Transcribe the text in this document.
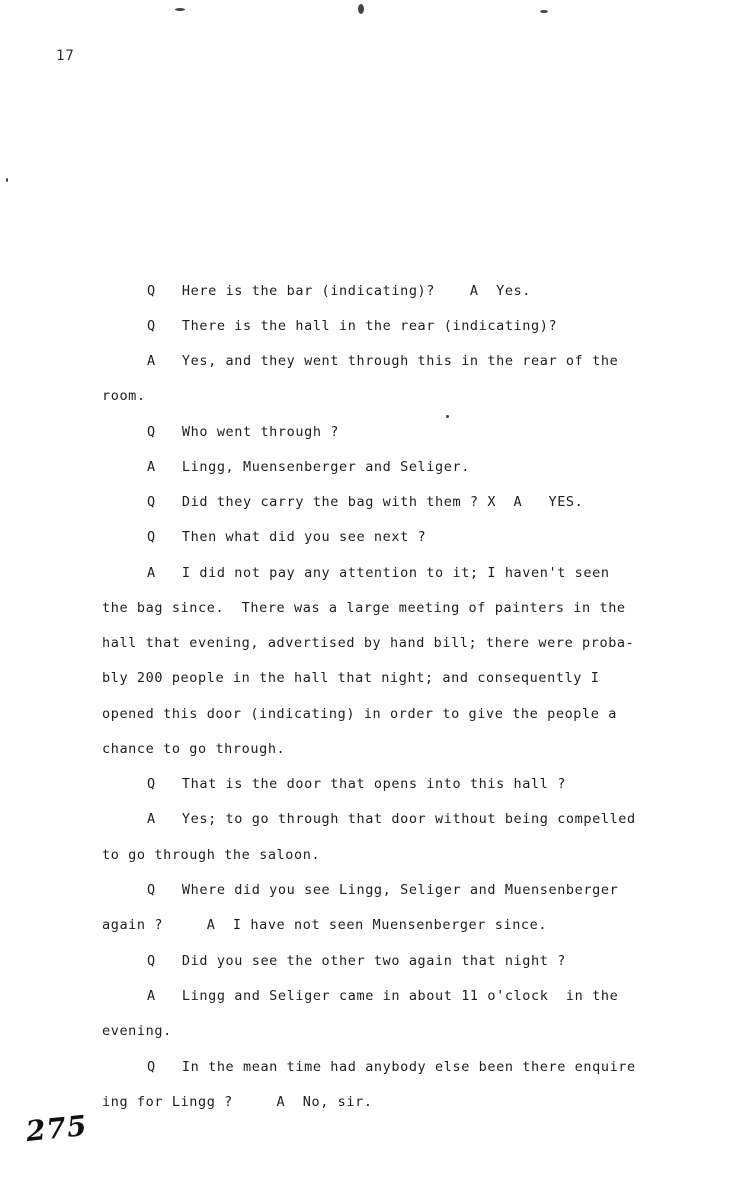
17
Q   Here is the bar (indicating)?    A  Yes.
Q   There is the hall in the rear (indicating)?
A   Yes, and they went through this in the rear of the
room.
Q   Who went through ?
A   Lingg, Muensenberger and Seliger.
Q   Did they carry the bag with them ? X  A   YES.
Q   Then what did you see next ?
A   I did not pay any attention to it; I haven't seen
the bag since.  There was a large meeting of painters in the
hall that evening, advertised by hand bill; there were proba-
bly 200 people in the hall that night; and consequently I
opened this door (indicating) in order to give the people a
chance to go through.
Q   That is the door that opens into this hall ?
A   Yes; to go through that door without being compelled
to go through the saloon.
Q   Where did you see Lingg, Seliger and Muensenberger
again ?     A  I have not seen Muensenberger since.
Q   Did you see the other two again that night ?
A   Lingg and Seliger came in about 11 o'clock  in the
evening.
Q   In the mean time had anybody else been there enquire
ing for Lingg ?     A  No, sir.
275
